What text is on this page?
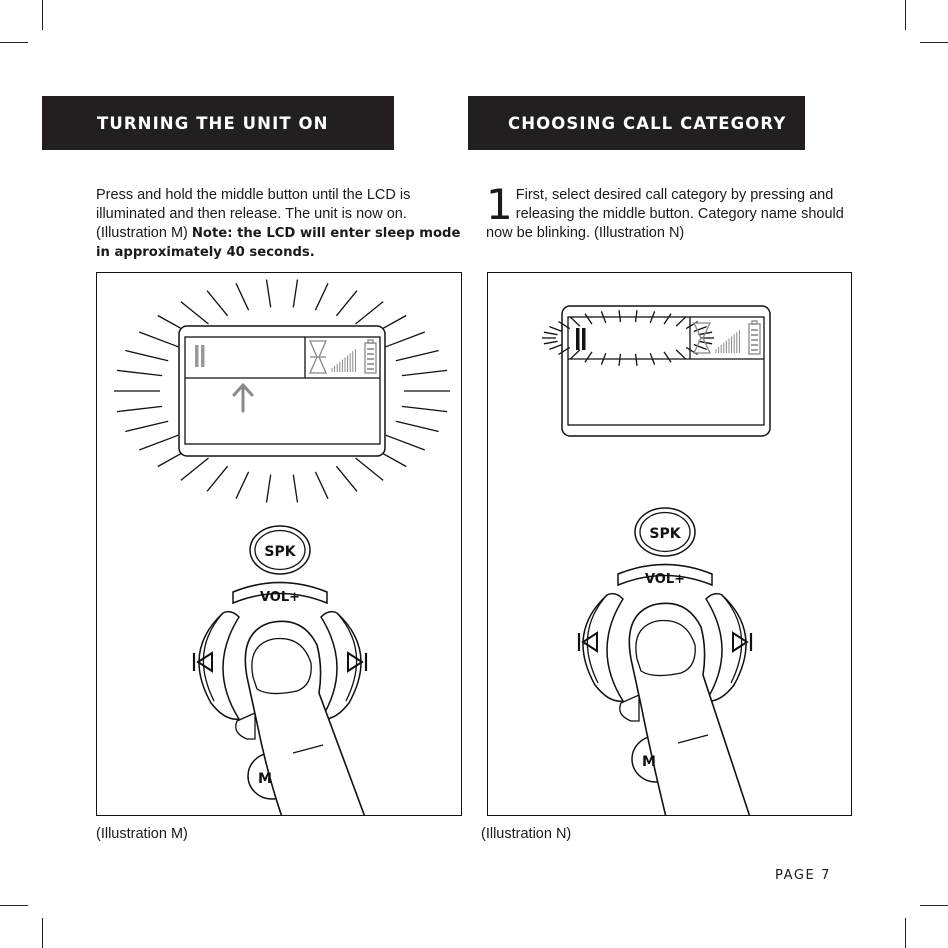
TURNING THE UNIT ON
Press and hold the middle button until the LCD is illuminated and then release. The unit is now on. (Illustration M) Note: the LCD will enter sleep mode in approximately 40 seconds.
SPK
VOL+
M
(Illustration M)
CHOOSING CALL CATEGORY
1 First, select desired call category by pressing and releasing the middle button. Category name should now be blinking. (Illustration N)
SPK
VOL+
M
(Illustration N)
PAGE 7
